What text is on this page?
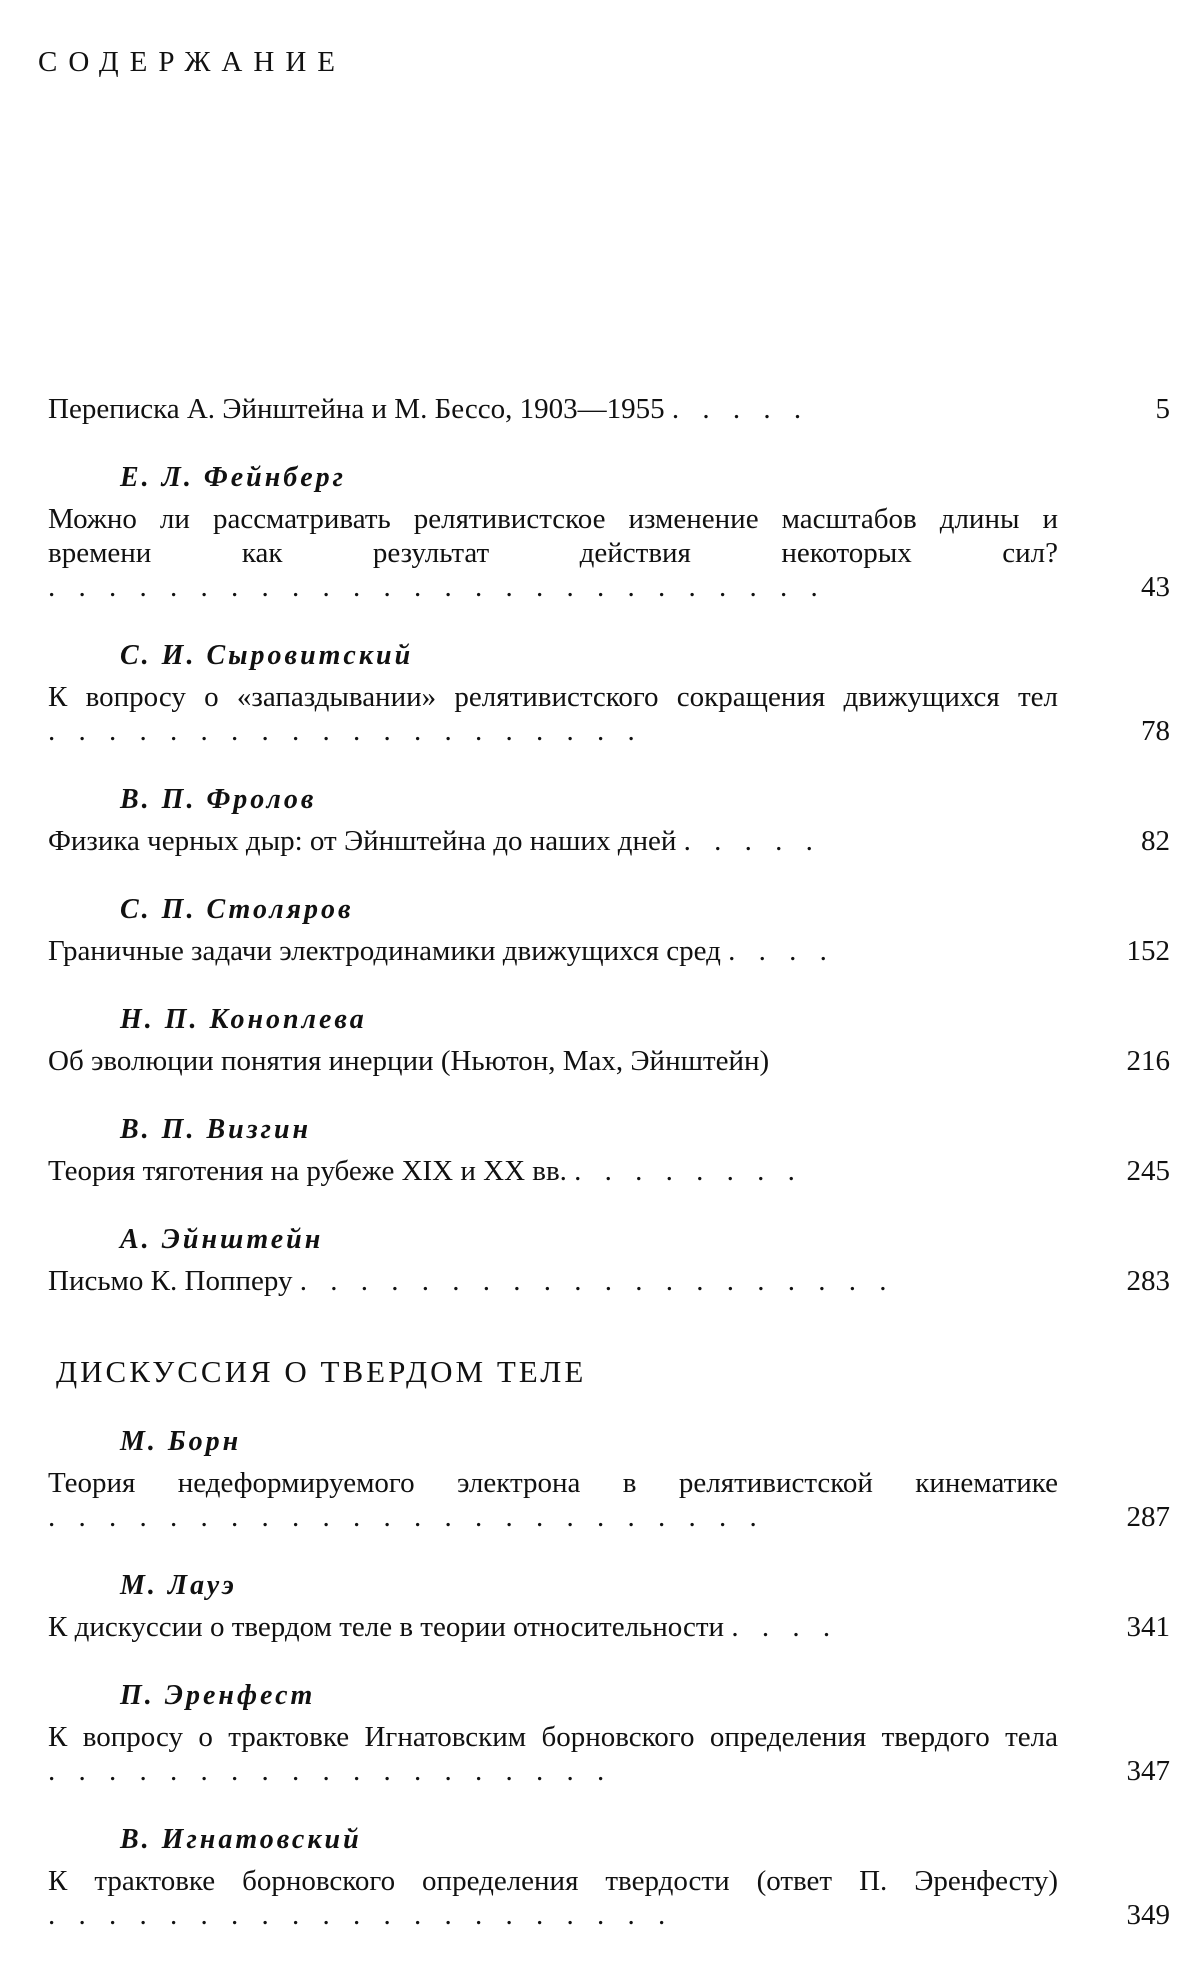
СОДЕРЖАНИЕ
Переписка А. Эйнштейна и М. Бессо, 1903—1955 . . . . .	5
Е. Л. Фейнберг
Можно ли рассматривать релятивистское изменение масштабов длины и времени как результат действия некоторых сил? . . . . . . . . . . . . . . . . . . . . . . . . . .	43
С. И. Сыровитский
К вопросу о «запаздывании» релятивистского сокращения движущихся тел . . . . . . . . . . . . . . . . . . . .	78
В. П. Фролов
Физика черных дыр: от Эйнштейна до наших дней . . . . .	82
С. П. Столяров
Граничные задачи электродинамики движущихся сред . . . .	152
Н. П. Коноплева
Об эволюции понятия инерции (Ньютон, Мах, Эйнштейн)	216
В. П. Визгин
Теория тяготения на рубеже XIX и XX вв. . . . . . . . .	245
А. Эйнштейн
Письмо К. Попперу . . . . . . . . . . . . . . . . . . . .	283
ДИСКУССИЯ О ТВЕРДОМ ТЕЛЕ
М. Борн
Теория недеформируемого электрона в релятивистской кинематике . . . . . . . . . . . . . . . . . . . . . . . .	287
М. Лауэ
К дискуссии о твердом теле в теории относительности . . . .	341
П. Эренфест
К вопросу о трактовке Игнатовским борновского определения твердого тела . . . . . . . . . . . . . . . . . . .	347
В. Игнатовский
К трактовке борновского определения твердости (ответ П. Эренфесту) . . . . . . . . . . . . . . . . . . . . .	349
